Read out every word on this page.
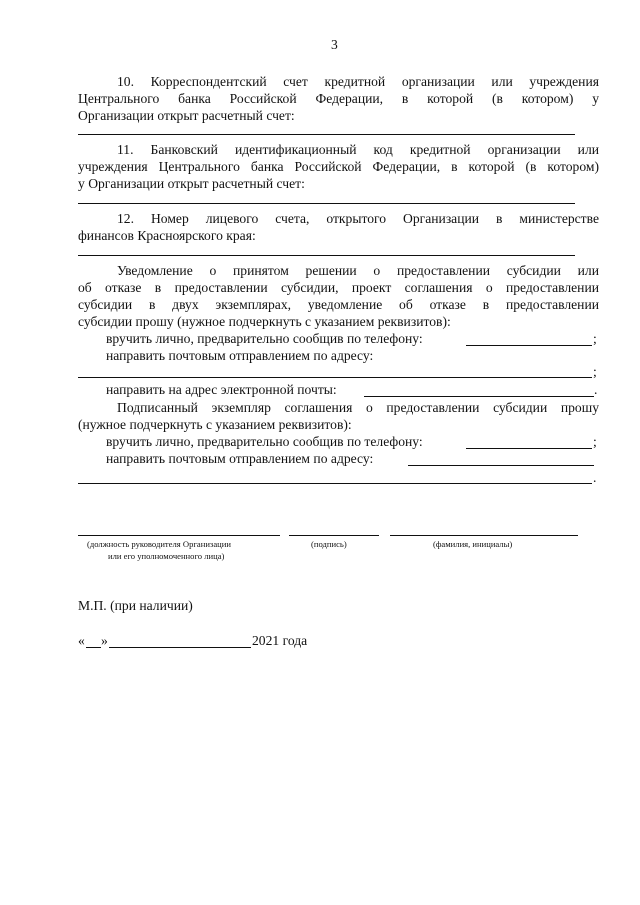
3
10. Корреспондентский счет кредитной организации или учреждения
Центрального банка Российской Федерации, в которой (в котором) у
Организации открыт расчетный счет:
11. Банковский идентификационный код кредитной организации или
учреждения Центрального банка Российской Федерации, в которой (в котором)
у Организации открыт расчетный счет:
12. Номер лицевого счета, открытого Организации в министерстве
финансов Красноярского края:
Уведомление о принятом решении о предоставлении субсидии или
об отказе в предоставлении субсидии, проект соглашения о предоставлении
субсидии в двух экземплярах, уведомление об отказе в предоставлении
субсидии прошу (нужное подчеркнуть с указанием реквизитов):
вручить лично, предварительно сообщив по телефону:	;
направить почтовым отправлением по адресу:
;
направить на адрес электронной почты:	.
Подписанный экземпляр соглашения о предоставлении субсидии прошу
(нужное подчеркнуть с указанием реквизитов):
вручить лично, предварительно сообщив по телефону:	;
направить почтовым отправлением по адресу:
.
(должность руководителя Организации
или его уполномоченного лица)
(подпись)	(фамилия, инициалы)
М.П. (при наличии)
« »	2021 года
